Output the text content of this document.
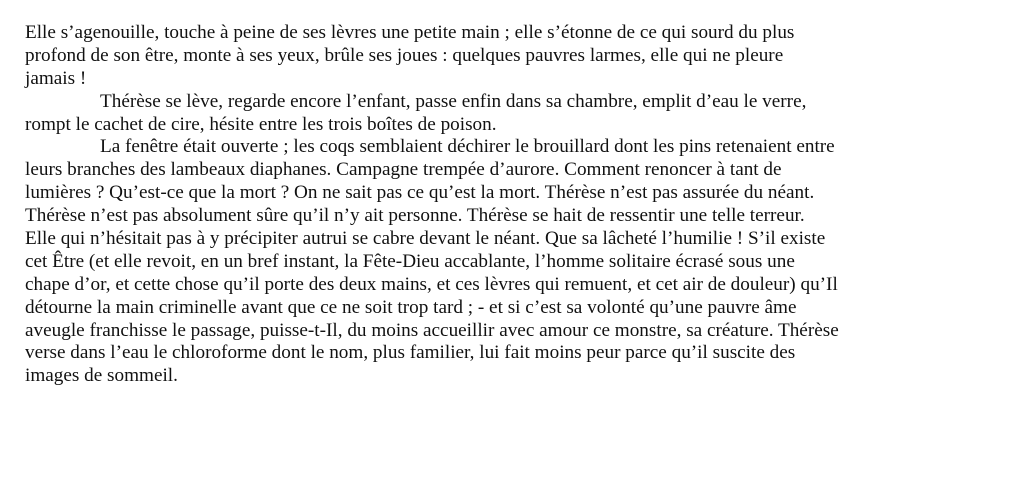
Elle s’agenouille, touche à peine de ses lèvres une petite main ; elle s’étonne de ce qui sourd du plus
profond de son être, monte à ses yeux, brûle ses joues : quelques pauvres larmes, elle qui ne pleure
jamais !
Thérèse se lève, regarde encore l’enfant, passe enfin dans sa chambre, emplit d’eau le verre,
rompt le cachet de cire, hésite entre les trois boîtes de poison.
La fenêtre était ouverte ; les coqs semblaient déchirer le brouillard dont les pins retenaient entre
leurs branches des lambeaux diaphanes. Campagne trempée d’aurore. Comment renoncer à tant de
lumières ? Qu’est-ce que la mort ? On ne sait pas ce qu’est la mort. Thérèse n’est pas assurée du néant.
Thérèse n’est pas absolument sûre qu’il n’y ait personne. Thérèse se hait de ressentir une telle terreur.
Elle qui n’hésitait pas à y précipiter autrui se cabre devant le néant. Que sa lâcheté l’humilie ! S’il existe
cet Être (et elle revoit, en un bref instant, la Fête-Dieu accablante, l’homme solitaire écrasé sous une
chape d’or, et cette chose qu’il porte des deux mains, et ces lèvres qui remuent, et cet air de douleur) qu’Il
détourne la main criminelle avant que ce ne soit trop tard ; - et si c’est sa volonté qu’une pauvre âme
aveugle franchisse le passage, puisse-t-Il, du moins accueillir avec amour ce monstre, sa créature. Thérèse
verse dans l’eau le chloroforme dont le nom, plus familier, lui fait moins peur parce qu’il suscite des
images de sommeil.
